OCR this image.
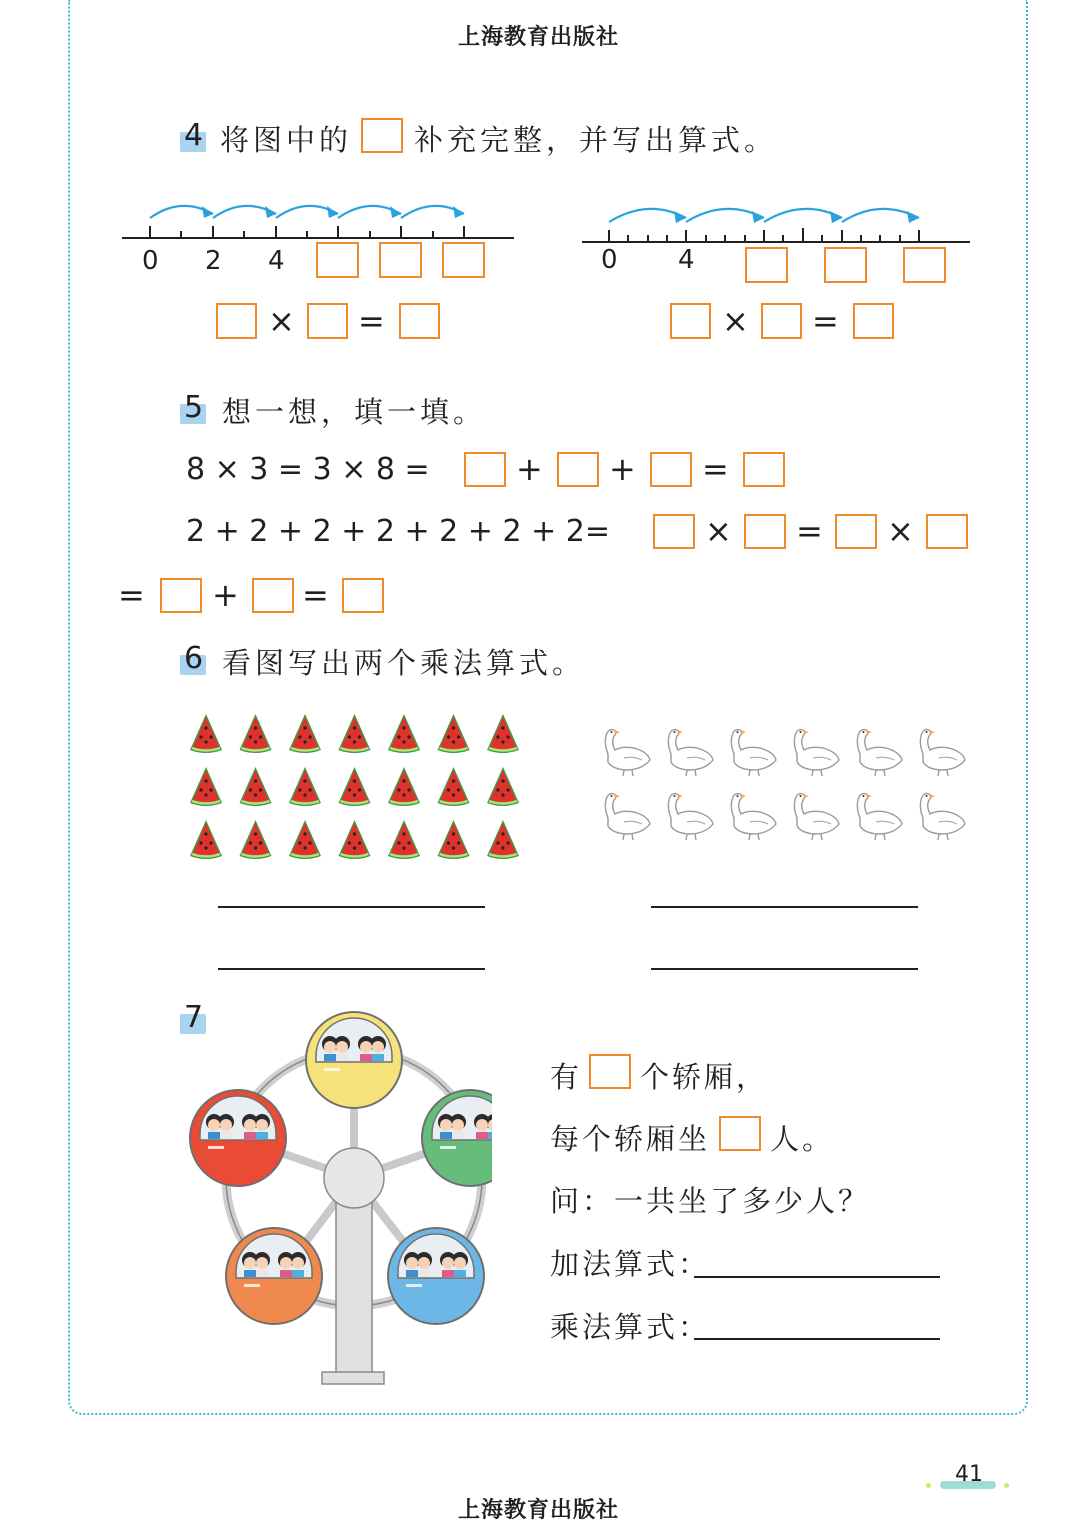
上海教育出版社
4 将图中的 补充完整，并写出算式。
0 2 4
× =
0 4
× =
5 想一想，填一填。
8 × 3 = 3 × 8 =	+ + =
2 + 2 + 2 + 2 + 2 + 2 + 2=	× = ×
= + =
6 看图写出两个乘法算式。
7
有 个轿厢，
每个轿厢坐 人。
问：一共坐了多少人？
加法算式：
乘法算式：
41
上海教育出版社
